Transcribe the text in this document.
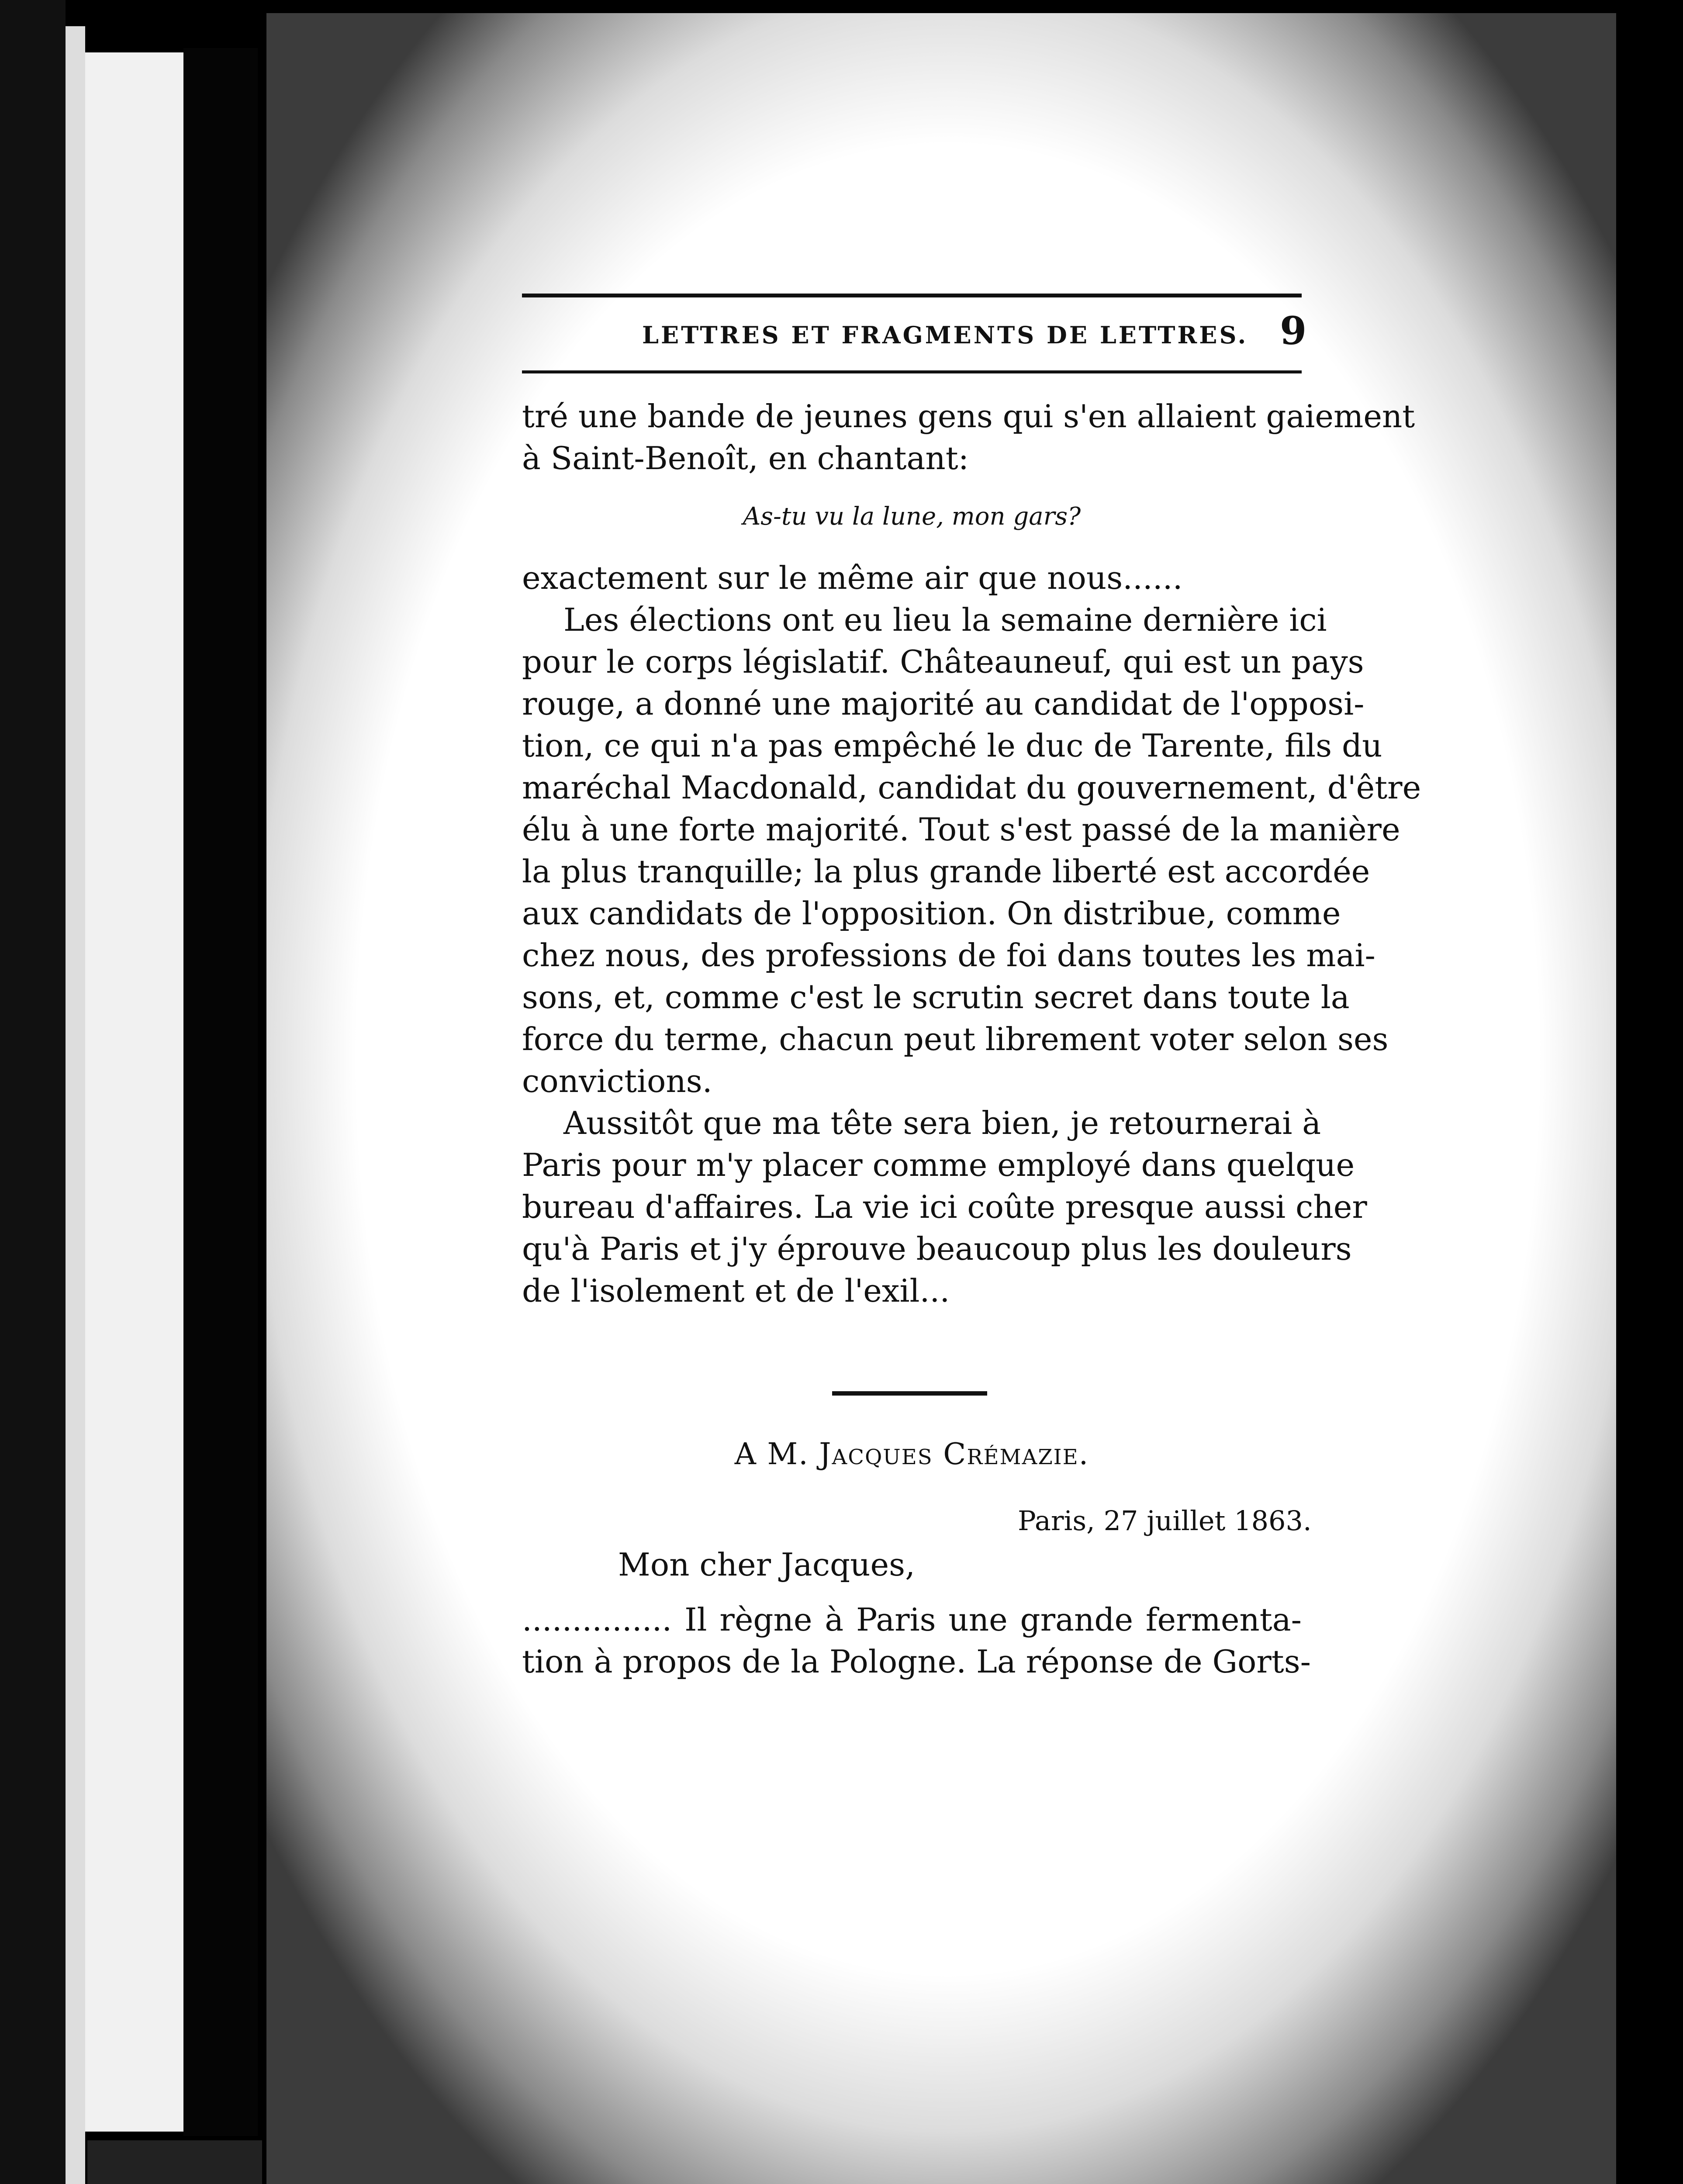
LETTRES ET FRAGMENTS DE LETTRES. 9
tré une bande de jeunes gens qui s'en allaient gaiement
à Saint-Benoît, en chantant:
As-tu vu la lune, mon gars?
exactement sur le même air que nous......
Les élections ont eu lieu la semaine dernière ici
pour le corps législatif. Châteauneuf, qui est un pays
rouge, a donné une majorité au candidat de l'opposi-
tion, ce qui n'a pas empêché le duc de Tarente, fils du
maréchal Macdonald, candidat du gouvernement, d'être
élu à une forte majorité. Tout s'est passé de la manière
la plus tranquille; la plus grande liberté est accordée
aux candidats de l'opposition. On distribue, comme
chez nous, des professions de foi dans toutes les mai-
sons, et, comme c'est le scrutin secret dans toute la
force du terme, chacun peut librement voter selon ses
convictions.
Aussitôt que ma tête sera bien, je retournerai à
Paris pour m'y placer comme employé dans quelque
bureau d'affaires. La vie ici coûte presque aussi cher
qu'à Paris et j'y éprouve beaucoup plus les douleurs
de l'isolement et de l'exil...
A M. Jacques Crémazie.
Paris, 27 juillet 1863.
Mon cher Jacques,
............... Il règne à Paris une grande fermenta-
tion à propos de la Pologne. La réponse de Gorts-
